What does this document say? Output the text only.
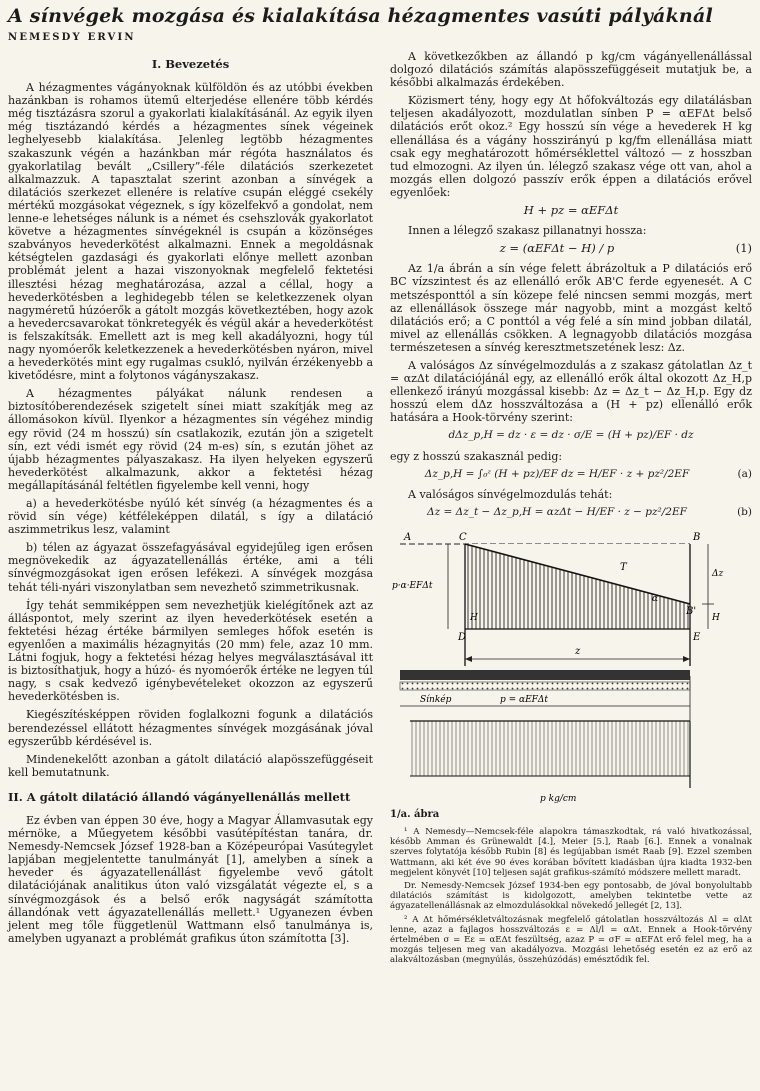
A sínvégek mozgása és kialakítása hézagmentes vasúti pályáknál
NEMESDY ERVIN
I. Bevezetés

A hézagmentes vágányoknak külföldön és az utóbbi években hazánkban is rohamos ütemű elterjedése ellenére több kérdés még tisztázásra szorul a gyakorlati kialakításánál. Az egyik ilyen még tisztázandó kérdés a hézagmentes sínek végeinek leghelyesebb kialakítása. Jelenleg legtöbb hézagmentes szakaszunk végén a hazánkban már régóta használatos és gyakorlatilag bevált „Csillery”-féle dilatációs szerkezetet alkalmazzuk. A tapasztalat szerint azonban a sínvégek a dilatációs szerkezet ellenére is relatíve csupán eléggé csekély mértékű mozgásokat végeznek, s így közelfekvő a gondolat, nem lenne-e lehetséges nálunk is a német és csehszlovák gyakorlatot követve a hézagmentes sínvégeknél is csupán a közönséges szabványos hevederkötést alkalmazni. Ennek a megoldásnak kétségtelen gazdasági és gyakorlati előnye mellett azonban problémát jelent a hazai viszonyoknak megfelelő fektetési illesztési hézag meghatározása, azzal a céllal, hogy a hevederkötésben a leghidegebb télen se keletkezzenek olyan nagyméretű húzóerők a gátolt mozgás következtében, hogy azok a hevedercsavarokat tönkretegyék és végül akár a hevederkötést is felszakítsák. Emellett azt is meg kell akadályozni, hogy túl nagy nyomóerők keletkezzenek a hevederkötésben nyáron, mivel a hevederkötés mint egy rugalmas csukló, nyilván érzékenyebb a kivetődésre, mint a folytonos vágányszakasz.

A hézagmentes pályákat nálunk rendesen a biztosítóberendezések szigetelt sínei miatt szakítják meg az állomásokon kívül. Ilyenkor a hézagmentes sín végéhez mindig egy rövid (24 m hosszú) sín csatlakozik, ezután jön a szigetelt sín, ezt védi ismét egy rövid (24 m-es) sín, s ezután jöhet az újabb hézagmentes pályaszakasz. Ha ilyen helyeken egyszerű hevederkötést alkalmazunk, akkor a fektetési hézag megállapításánál feltétlen figyelembe kell venni, hogy

a) a hevederkötésbe nyúló két sínvég (a hézagmentes és a rövid sín vége) kétféleképpen dilatál, s így a dilatáció aszimmetrikus lesz, valamint

b) télen az ágyazat összefagyásával egyidejűleg igen erősen megnövekedik az ágyazatellenállás értéke, ami a téli sínvégmozgásokat igen erősen lefékezi. A sínvégek mozgása tehát téli-nyári viszonylatban sem nevezhető szimmetrikusnak.

Így tehát semmiképpen sem nevezhetjük kielégítőnek azt az álláspontot, mely szerint az ilyen hevederkötések esetén a fektetési hézag értéke bármilyen semleges hőfok esetén is egyenlően a maximális hézagnyitás (20 mm) fele, azaz 10 mm. Látni fogjuk, hogy a fektetési hézag helyes megválasztásával itt is biztosíthatjuk, hogy a húzó- és nyomóerők értéke ne legyen túl nagy, s csak kedvező igénybevételeket okozzon az egyszerű hevederkötésben is.

Kiegészítésképpen röviden foglalkozni fogunk a dilatációs berendezéssel ellátott hézagmentes sínvégek mozgásának jóval egyszerűbb kérdésével is.

Mindenekelőtt azonban a gátolt dilatáció alapösszefüggéseit kell bemutatnunk.

II. A gátolt dilatáció állandó vágányellenállás mellett

Ez évben van éppen 30 éve, hogy a Magyar Államvasutak egy mérnöke, a Műegyetem későbbi vasútépítéstan tanára, dr. Nemesdy-Nemcsek József 1928-ban a Középeurópai Vasútegylet lapjában megjelentette tanulmányát [1], amelyben a sínek a heveder és ágyazatellenállást figyelembe vevő gátolt dilatációjának analitikus úton való vizsgálatát végezte el, s a sínvégmozgások és a belső erők nagyságát számította állandónak vett ágyazatellenállás mellett.¹ Ugyanezen évben jelent meg tőle függetlenül Wattmann első tanulmánya is, amelyben ugyanazt a problémát grafikus úton számította [3].

A következőkben az állandó p kg/cm vágányellenállással dolgozó dilatációs számítás alapösszefüggéseit mutatjuk be, a későbbi alkalmazás érdekében.

Közismert tény, hogy egy Δt hőfokváltozás egy dilatálásban teljesen akadályozott, mozdulatlan sínben P = αEFΔt belső dilatációs erőt okoz.² Egy hosszú sín vége a hevederek H kg ellenállása és a vágány hosszirányú p kg/fm ellenállása miatt csak egy meghatározott hőmérséklettel változó — z hosszban tud elmozogni. Az ilyen ún. lélegző szakasz vége ott van, ahol a mozgás ellen dolgozó passzív erők éppen a dilatációs erővel egyenlőek:

H + pz = αEFΔt

Innen a lélegző szakasz pillanatnyi hossza:

z = (αEFΔt − H) / p	(1)

Az 1/a ábrán a sín vége felett ábrázoltuk a P dilatációs erő BC vízszintest és az ellenálló erők AB'C ferde egyenesét. A C metszésponttól a sín közepe felé nincsen semmi mozgás, mert az ellenállások összege már nagyobb, mint a mozgást keltő dilatációs erő; a C ponttól a vég felé a sín mind jobban dilatál, mivel az ellenállás csökken. A legnagyobb dilatációs mozgása természetesen a sínvég keresztmetszetének lesz: Δz.

A valóságos Δz sínvégelmozdulás a z szakasz gátolatlan Δz_t = αzΔt dilatációjánál egy, az ellenálló erők által okozott Δz_H,p ellenkező irányú mozgással kisebb: Δz = Δz_t − Δz_H,p. Egy dz hosszú elem dΔz hosszváltozása a (H + pz) ellenálló erők hatására a Hook-törvény szerint:

dΔz_p,H = dz · ε = dz · σ/E = (H + pz)/EF · dz

egy z hosszú szakasznál pedig:

Δz_p,H = ∫₀ᶻ (H + pz)/EF dz = H/EF · z + pz²/2EF	(a)

A valóságos sínvégelmozdulás tehát:

Δz = Δz_t − Δz_p,H = αzΔt − H/EF · z − pz²/2EF	(b)
C	B
A
B'
D	E
p·α·EFΔt
T
Δz
H	H
z
α
Sínkép	p = αEFΔt
p kg/cm
1/a. ábra
¹ A Nemesdy—Nemcsek-féle alapokra támaszkodtak, rá való hivatkozással, később Amman és Grünewaldt [4.], Meier [5.], Raab [6.]. Ennek a vonalnak szerves folytatója később Rubin [8] és legújabban ismét Raab [9]. Ezzel szemben Wattmann, aki két éve 90 éves korában bővített kiadásban újra kiadta 1932-ben megjelent könyvét [10] teljesen saját grafikus-számító módszere mellett maradt.
Dr. Nemesdy-Nemcsek József 1934-ben egy pontosabb, de jóval bonyolultabb dilatációs számítást is kidolgozott, amelyben tekintetbe vette az ágyazatellenállásnak az elmozdulásokkal növekedő jellegét [2, 13].
² A Δt hőmérsékletváltozásnak megfelelő gátolatlan hosszváltozás Δl = αlΔt lenne, azaz a fajlagos hosszváltozás ε = Δl/l = αΔt. Ennek a Hook-törvény értelmében σ = Eε = αEΔt feszültség, azaz P = σF = αEFΔt erő felel meg, ha a mozgás teljesen meg van akadályozva. Mozgási lehetőség esetén ez az erő az alakváltozásban (megnyúlás, összehúzódás) emésztődik fel.
